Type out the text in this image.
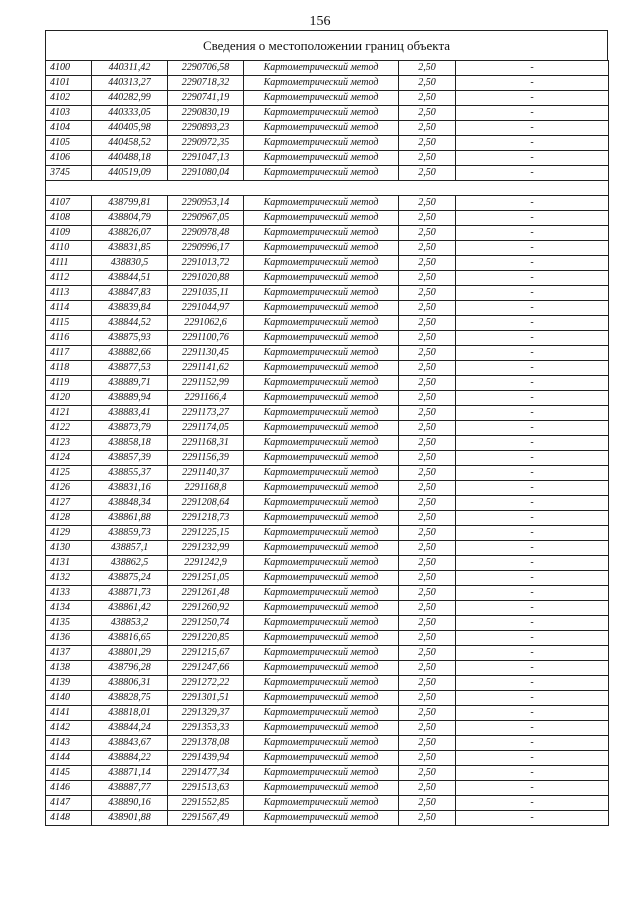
156
Сведения о местоположении границ объекта
4100	440311,42	2290706,58	Картометрический метод	2,50	-
4101	440313,27	2290718,32	Картометрический метод	2,50	-
4102	440282,99	2290741,19	Картометрический метод	2,50	-
4103	440333,05	2290830,19	Картометрический метод	2,50	-
4104	440405,98	2290893,23	Картометрический метод	2,50	-
4105	440458,52	2290972,35	Картометрический метод	2,50	-
4106	440488,18	2291047,13	Картометрический метод	2,50	-
3745	440519,09	2291080,04	Картометрический метод	2,50	-

4107	438799,81	2290953,14	Картометрический метод	2,50	-
4108	438804,79	2290967,05	Картометрический метод	2,50	-
4109	438826,07	2290978,48	Картометрический метод	2,50	-
4110	438831,85	2290996,17	Картометрический метод	2,50	-
4111	438830,5	2291013,72	Картометрический метод	2,50	-
4112	438844,51	2291020,88	Картометрический метод	2,50	-
4113	438847,83	2291035,11	Картометрический метод	2,50	-
4114	438839,84	2291044,97	Картометрический метод	2,50	-
4115	438844,52	2291062,6	Картометрический метод	2,50	-
4116	438875,93	2291100,76	Картометрический метод	2,50	-
4117	438882,66	2291130,45	Картометрический метод	2,50	-
4118	438877,53	2291141,62	Картометрический метод	2,50	-
4119	438889,71	2291152,99	Картометрический метод	2,50	-
4120	438889,94	2291166,4	Картометрический метод	2,50	-
4121	438883,41	2291173,27	Картометрический метод	2,50	-
4122	438873,79	2291174,05	Картометрический метод	2,50	-
4123	438858,18	2291168,31	Картометрический метод	2,50	-
4124	438857,39	2291156,39	Картометрический метод	2,50	-
4125	438855,37	2291140,37	Картометрический метод	2,50	-
4126	438831,16	2291168,8	Картометрический метод	2,50	-
4127	438848,34	2291208,64	Картометрический метод	2,50	-
4128	438861,88	2291218,73	Картометрический метод	2,50	-
4129	438859,73	2291225,15	Картометрический метод	2,50	-
4130	438857,1	2291232,99	Картометрический метод	2,50	-
4131	438862,5	2291242,9	Картометрический метод	2,50	-
4132	438875,24	2291251,05	Картометрический метод	2,50	-
4133	438871,73	2291261,48	Картометрический метод	2,50	-
4134	438861,42	2291260,92	Картометрический метод	2,50	-
4135	438853,2	2291250,74	Картометрический метод	2,50	-
4136	438816,65	2291220,85	Картометрический метод	2,50	-
4137	438801,29	2291215,67	Картометрический метод	2,50	-
4138	438796,28	2291247,66	Картометрический метод	2,50	-
4139	438806,31	2291272,22	Картометрический метод	2,50	-
4140	438828,75	2291301,51	Картометрический метод	2,50	-
4141	438818,01	2291329,37	Картометрический метод	2,50	-
4142	438844,24	2291353,33	Картометрический метод	2,50	-
4143	438843,67	2291378,08	Картометрический метод	2,50	-
4144	438884,22	2291439,94	Картометрический метод	2,50	-
4145	438871,14	2291477,34	Картометрический метод	2,50	-
4146	438887,77	2291513,63	Картометрический метод	2,50	-
4147	438890,16	2291552,85	Картометрический метод	2,50	-
4148	438901,88	2291567,49	Картометрический метод	2,50	-
